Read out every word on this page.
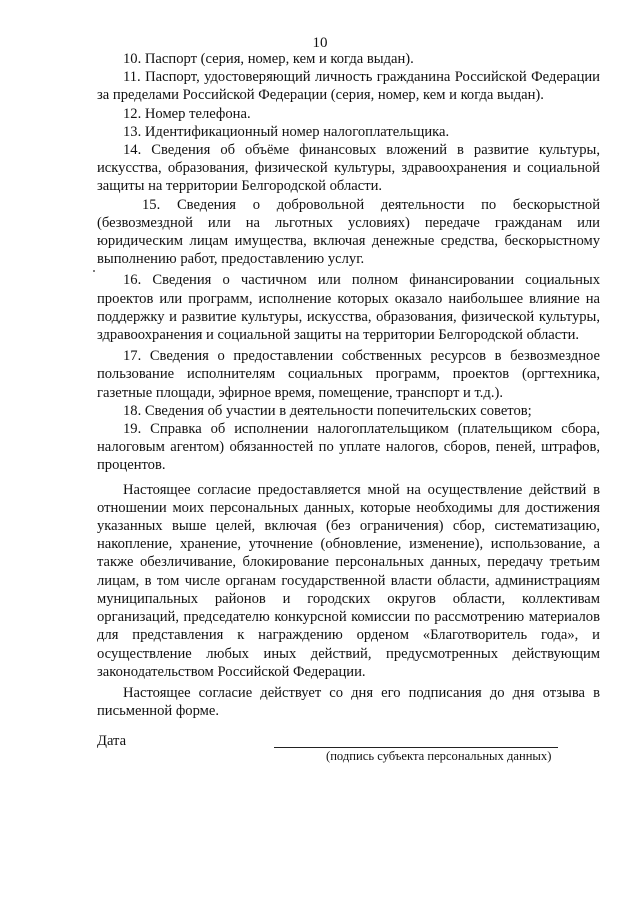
10

10. Паспорт (серия, номер, кем и когда выдан).

11. Паспорт, удостоверяющий личность гражданина Российской Федерации за пределами Российской Федерации (серия, номер, кем и когда выдан).

12. Номер телефона.

13. Идентификационный номер налогоплательщика.

14. Сведения об объёме финансовых вложений в развитие культуры, искусства, образования, физической культуры, здравоохранения и социальной защиты на территории Белгородской области.

15. Сведения о добровольной деятельности по бескорыстной (безвозмездной или на льготных условиях) передаче гражданам или юридическим лицам имущества, включая денежные средства, бескорыстному выполнению работ, предоставлению услуг.

16. Сведения о частичном или полном финансировании социальных проектов или программ, исполнение которых оказало наибольшее влияние на поддержку и развитие культуры, искусства, образования, физической культуры, здравоохранения и социальной защиты на территории Белгородской области.

17. Сведения о предоставлении собственных ресурсов в безвозмездное пользование исполнителям социальных программ, проектов (оргтехника, газетные площади, эфирное время, помещение, транспорт и т.д.).

18. Сведения об участии в деятельности попечительских советов;

19. Справка об исполнении налогоплательщиком (плательщиком сбора, налоговым агентом) обязанностей по уплате налогов, сборов, пеней, штрафов, процентов.

Настоящее согласие предоставляется мной на осуществление действий в отношении моих персональных данных, которые необходимы для достижения указанных выше целей, включая (без ограничения) сбор, систематизацию, накопление, хранение, уточнение (обновление, изменение), использование, а также обезличивание, блокирование персональных данных, передачу третьим лицам, в том числе органам государственной власти области, администрациям муниципальных районов и городских округов области, коллективам организаций, председателю конкурсной комиссии по рассмотрению материалов для представления к награждению орденом «Благотворитель года», и осуществление любых иных действий, предусмотренных действующим законодательством Российской Федерации.

Настоящее согласие действует со дня его подписания до дня отзыва в письменной форме.

Дата
(подпись субъекта персональных данных)
